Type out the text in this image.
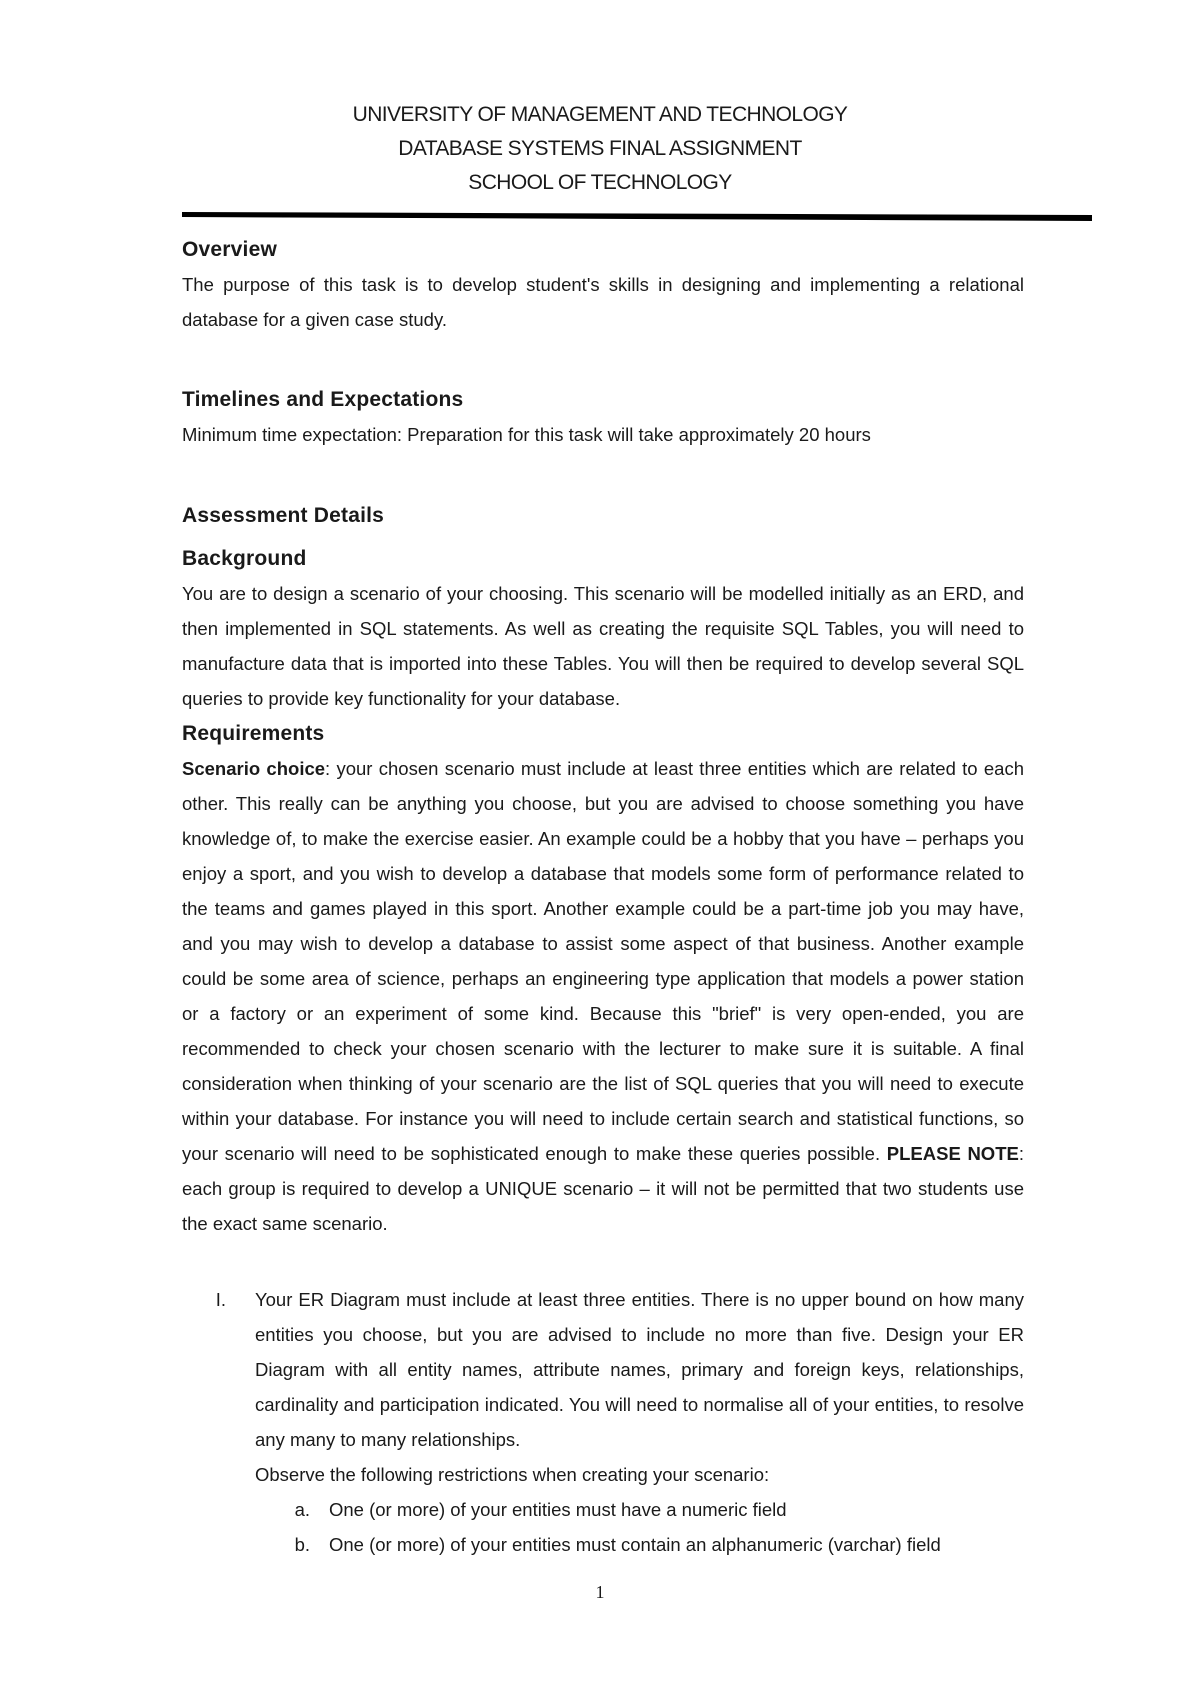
UNIVERSITY OF MANAGEMENT AND TECHNOLOGY
DATABASE SYSTEMS FINAL ASSIGNMENT
SCHOOL OF TECHNOLOGY
Overview

The purpose of this task is to develop student's skills in designing and implementing a relational database for a given case study.

Timelines and Expectations

Minimum time expectation: Preparation for this task will take approximately 20 hours

Assessment Details
Background

You are to design a scenario of your choosing. This scenario will be modelled initially as an ERD, and then implemented in SQL statements. As well as creating the requisite SQL Tables, you will need to manufacture data that is imported into these Tables. You will then be required to develop several SQL queries to provide key functionality for your database.

Requirements

Scenario choice: your chosen scenario must include at least three entities which are related to each other. This really can be anything you choose, but you are advised to choose something you have knowledge of, to make the exercise easier. An example could be a hobby that you have – perhaps you enjoy a sport, and you wish to develop a database that models some form of performance related to the teams and games played in this sport. Another example could be a part-time job you may have, and you may wish to develop a database to assist some aspect of that business. Another example could be some area of science, perhaps an engineering type application that models a power station or a factory or an experiment of some kind. Because this "brief" is very open-ended, you are recommended to check your chosen scenario with the lecturer to make sure it is suitable. A final consideration when thinking of your scenario are the list of SQL queries that you will need to execute within your database. For instance you will need to include certain search and statistical functions, so your scenario will need to be sophisticated enough to make these queries possible. PLEASE NOTE: each group is required to develop a UNIQUE scenario – it will not be permitted that two students use the exact same scenario.

I. Your ER Diagram must include at least three entities. There is no upper bound on how many entities you choose, but you are advised to include no more than five. Design your ER Diagram with all entity names, attribute names, primary and foreign keys, relationships, cardinality and participation indicated. You will need to normalise all of your entities, to resolve any many to many relationships.

Observe the following restrictions when creating your scenario:

a. One (or more) of your entities must have a numeric field

b. One (or more) of your entities must contain an alphanumeric (varchar) field

1
